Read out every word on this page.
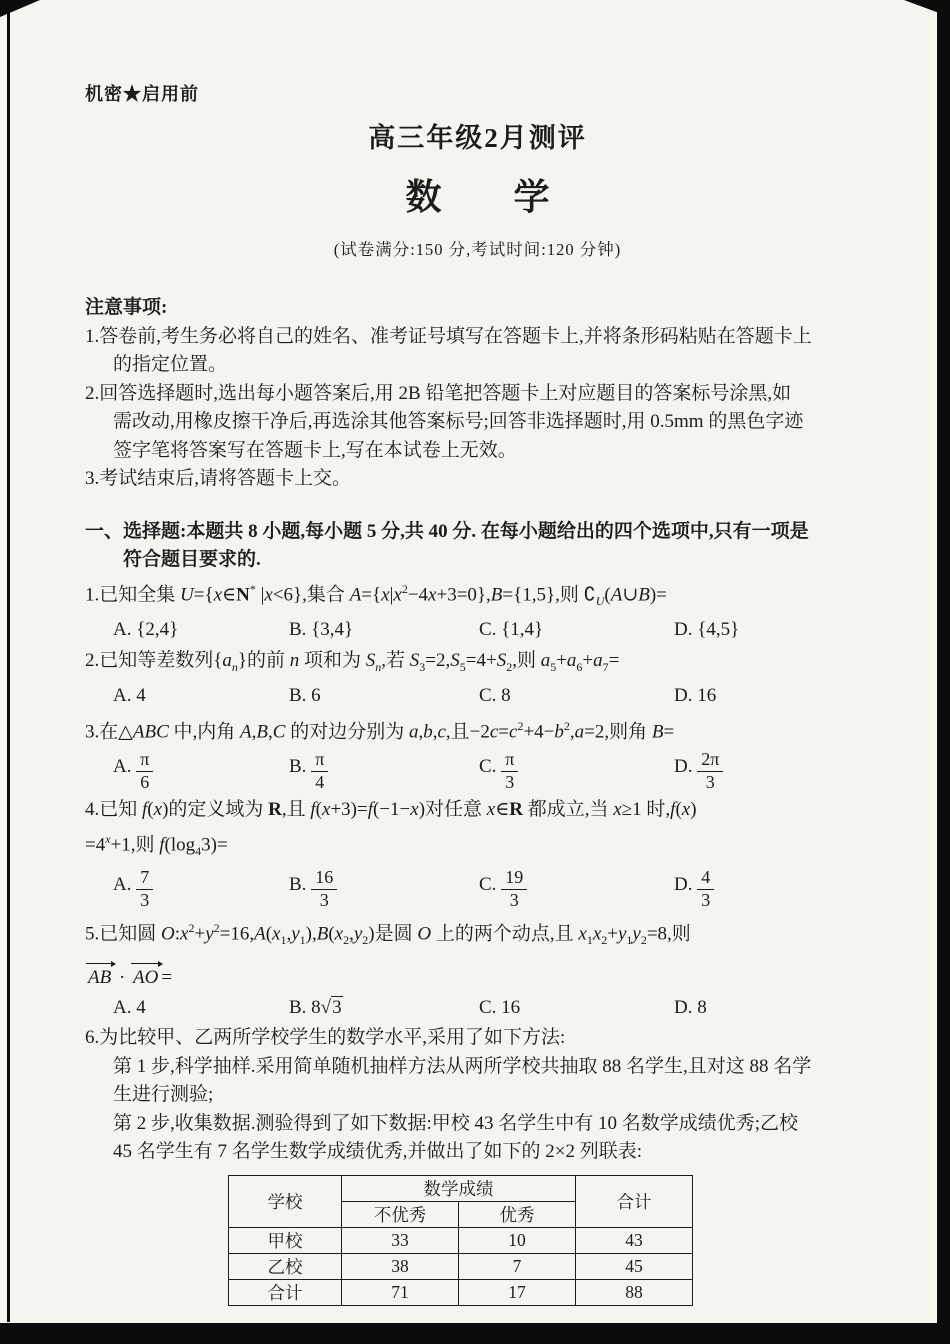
机密★启用前
高三年级2月测评
数　　学
(试卷满分:150 分,考试时间:120 分钟)
注意事项:
1.答卷前,考生务必将自己的姓名、准考证号填写在答题卡上,并将条形码粘贴在答题卡上
的指定位置。
2.回答选择题时,选出每小题答案后,用 2B 铅笔把答题卡上对应题目的答案标号涂黑,如
需改动,用橡皮擦干净后,再选涂其他答案标号;回答非选择题时,用 0.5mm 的黑色字迹
签字笔将答案写在答题卡上,写在本试卷上无效。
3.考试结束后,请将答题卡上交。
一、选择题:本题共 8 小题,每小题 5 分,共 40 分. 在每小题给出的四个选项中,只有一项是
符合题目要求的.
1.已知全集 U={x∈N* |x<6},集合 $A=\{x|x^2-4x+3=0\},B=\{1,5\}$,则 $∁_U(A\cup B)=$
A. {2,4}	B. {3,4}	C. {1,4}	D. {4,5}
2.已知等差数列$\{a_n\}$的前 n 项和为 $S_n$,若 $S_3=2,S_5=4+S_2$,则 $a_5+a_6+a_7=$
A. 4	B. 6	C. 8	D. 16
3.在△ABC 中,内角 A,B,C 的对边分别为 a,b,c,且$-2c=c^2+4-b^2,a=2$,则角 B=
A. $\frac{\pi}{6}$	B. $\frac{\pi}{4}$	C. $\frac{\pi}{3}$	D. $\frac{2\pi}{3}$
4.已知 f(x)的定义域为 R,且 f(x+3)=f(−1−x)对任意 x∈R 都成立,当 x≥1 时,f(x)
$=4^x+1$,则 $f(\log_43)=$
A. $\frac{7}{3}$	B. $\frac{16}{3}$	C. $\frac{19}{3}$	D. $\frac{4}{3}$
5.已知圆 $O:x^2+y^2=16,A(x_1,y_1),B(x_2,y_2)$是圆 O 上的两个动点,且 $x_1x_2+y_1y_2=8$,则
AB · AO =
A. 4	B. 8√3	C. 16	D. 8
6.为比较甲、乙两所学校学生的数学水平,采用了如下方法:
第 1 步,科学抽样.采用简单随机抽样方法从两所学校共抽取 88 名学生,且对这 88 名学
生进行测验;
第 2 步,收集数据.测验得到了如下数据:甲校 43 名学生中有 10 名数学成绩优秀;乙校
45 名学生有 7 名学生数学成绩优秀,并做出了如下的 2×2 列联表:
学校	数学成绩		合计
	不优秀	优秀	
甲校	33	10	43
乙校	38	7	45
合计	71	17	88
